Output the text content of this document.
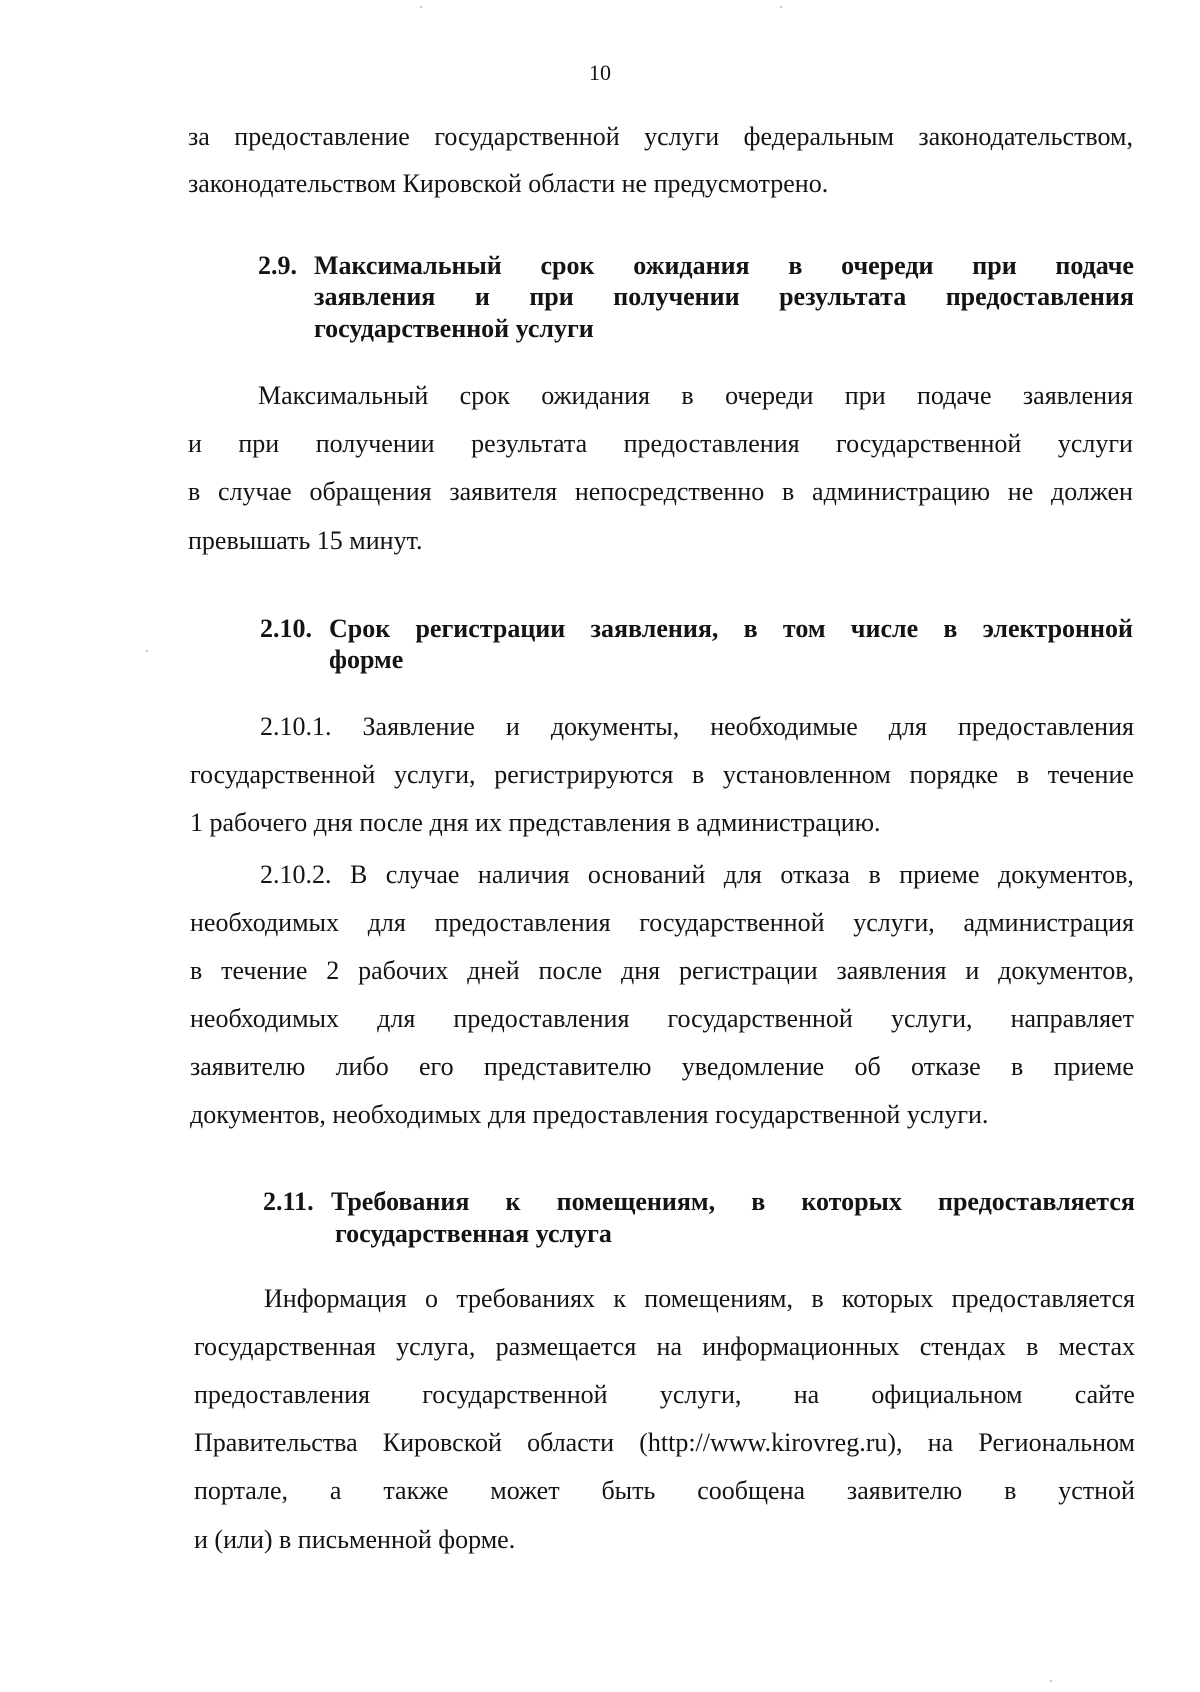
10
за предоставление государственной услуги федеральным законодательством,
законодательством Кировской области не предусмотрено.
2.9. Максимальный срок ожидания в очереди при подаче
заявления и при получении результата предоставления
государственной услуги
Максимальный срок ожидания в очереди при подаче заявления
и при получении результата предоставления государственной услуги
в случае обращения заявителя непосредственно в администрацию не должен
превышать 15 минут.
2.10. Срок регистрации заявления, в том числе в электронной
форме
2.10.1. Заявление и документы, необходимые для предоставления
государственной услуги, регистрируются в установленном порядке в течение
1 рабочего дня после дня их представления в администрацию.
2.10.2. В случае наличия оснований для отказа в приеме документов,
необходимых для предоставления государственной услуги, администрация
в течение 2 рабочих дней после дня регистрации заявления и документов,
необходимых для предоставления государственной услуги, направляет
заявителю либо его представителю уведомление об отказе в приеме
документов, необходимых для предоставления государственной услуги.
2.11. Требования к помещениям, в которых предоставляется
государственная услуга
Информация о требованиях к помещениям, в которых предоставляется
государственная услуга, размещается на информационных стендах в местах
предоставления государственной услуги, на официальном сайте
Правительства Кировской области (http://www.kirovreg.ru), на Региональном
портале, а также может быть сообщена заявителю в устной
и (или) в письменной форме.
